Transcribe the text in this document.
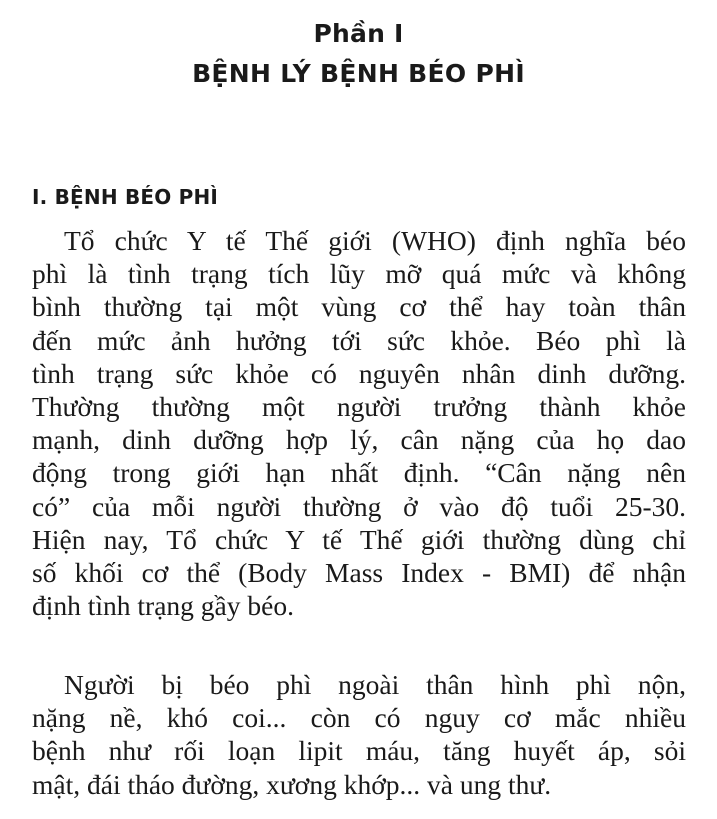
Phần I
BỆNH LÝ BỆNH BÉO PHÌ
I. BỆNH BÉO PHÌ

Tổ chức Y tế Thế giới (WHO) định nghĩa béo
phì là tình trạng tích lũy mỡ quá mức và không
bình thường tại một vùng cơ thể hay toàn thân
đến mức ảnh hưởng tới sức khỏe. Béo phì là
tình trạng sức khỏe có nguyên nhân dinh dưỡng.
Thường thường một người trưởng thành khỏe
mạnh, dinh dưỡng hợp lý, cân nặng của họ dao
động trong giới hạn nhất định. “Cân nặng nên
có” của mỗi người thường ở vào độ tuổi 25-30.
Hiện nay, Tổ chức Y tế Thế giới thường dùng chỉ
số khối cơ thể (Body Mass Index - BMI) để nhận
định tình trạng gầy béo.

Người bị béo phì ngoài thân hình phì nộn,
nặng nề, khó coi... còn có nguy cơ mắc nhiều
bệnh như rối loạn lipit máu, tăng huyết áp, sỏi
mật, đái tháo đường, xương khớp... và ung thư.
